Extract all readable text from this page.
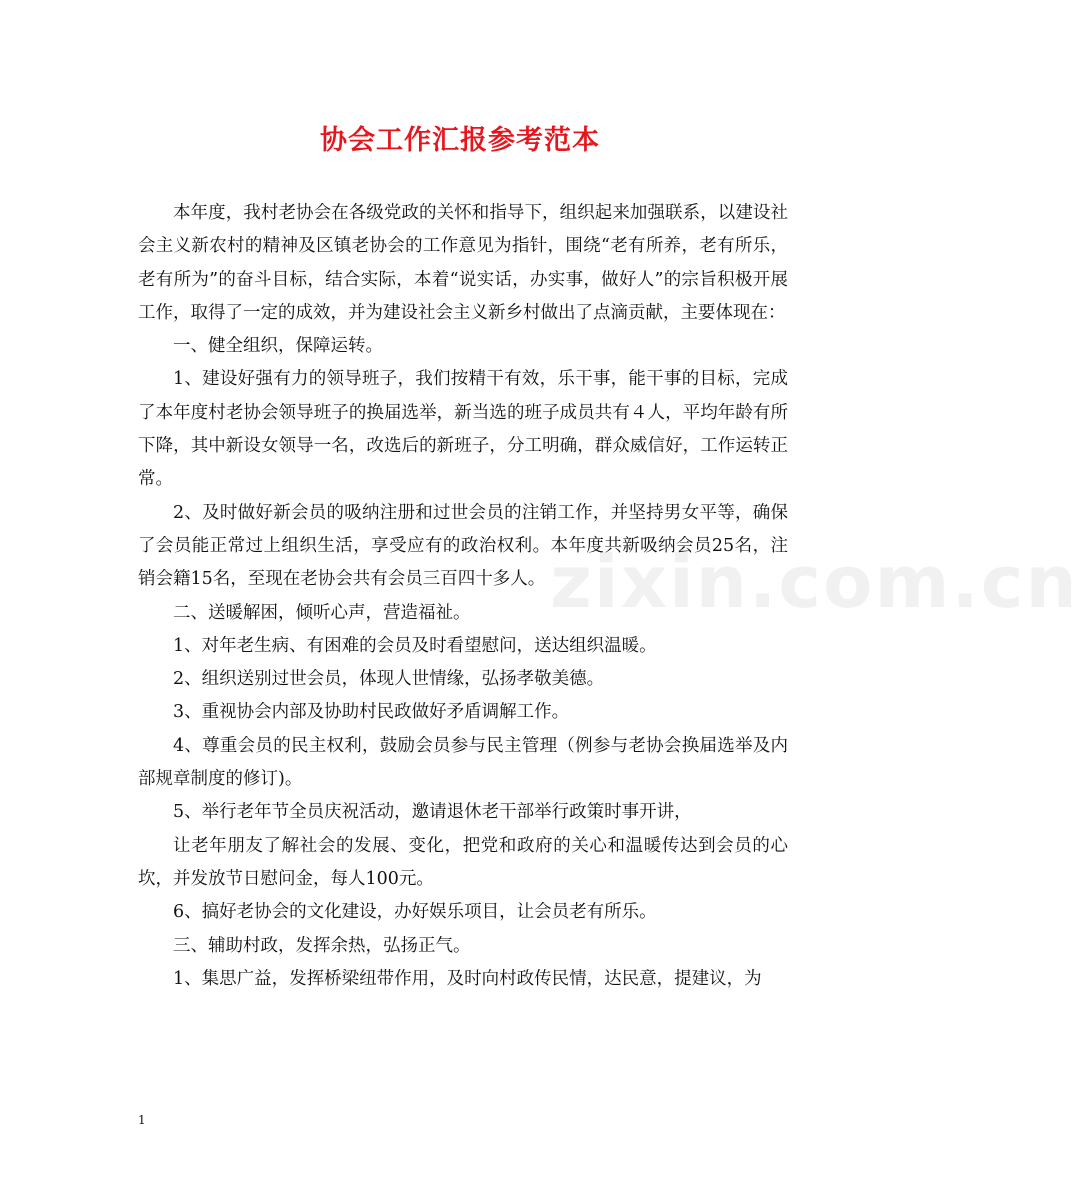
zixin.com.cn
协会工作汇报参考范本

本年度，我村老协会在各级党政的关怀和指导下，组织起来加强联系，以建设社会主义新农村的精神及区镇老协会的工作意见为指针，围绕“老有所养，老有所乐，老有所为”的奋斗目标，结合实际，本着“说实话，办实事，做好人”的宗旨积极开展工作，取得了一定的成效，并为建设社会主义新乡村做出了点滴贡献，主要体现在：

一、健全组织，保障运转。

1、建设好强有力的领导班子，我们按精干有效，乐干事，能干事的目标，完成了本年度村老协会领导班子的换届选举，新当选的班子成员共有４人，平均年龄有所下降，其中新设女领导一名，改选后的新班子，分工明确，群众威信好，工作运转正常。

2、及时做好新会员的吸纳注册和过世会员的注销工作，并坚持男女平等，确保了会员能正常过上组织生活，享受应有的政治权利。本年度共新吸纳会员25名，注销会籍15名，至现在老协会共有会员三百四十多人。

二、送暖解困，倾听心声，营造福祉。

1、对年老生病、有困难的会员及时看望慰问，送达组织温暖。

2、组织送别过世会员，体现人世情缘，弘扬孝敬美德。

3、重视协会内部及协助村民政做好矛盾调解工作。

4、尊重会员的民主权利，鼓励会员参与民主管理（例参与老协会换届选举及内部规章制度的修订)。

5、举行老年节全员庆祝活动，邀请退休老干部举行政策时事开讲，

让老年朋友了解社会的发展、变化，把党和政府的关心和温暖传达到会员的心坎，并发放节日慰问金，每人100元。

6、搞好老协会的文化建设，办好娱乐项目，让会员老有所乐。

三、辅助村政，发挥余热，弘扬正气。

1、集思广益，发挥桥梁纽带作用，及时向村政传民情，达民意，提建议，为

1
